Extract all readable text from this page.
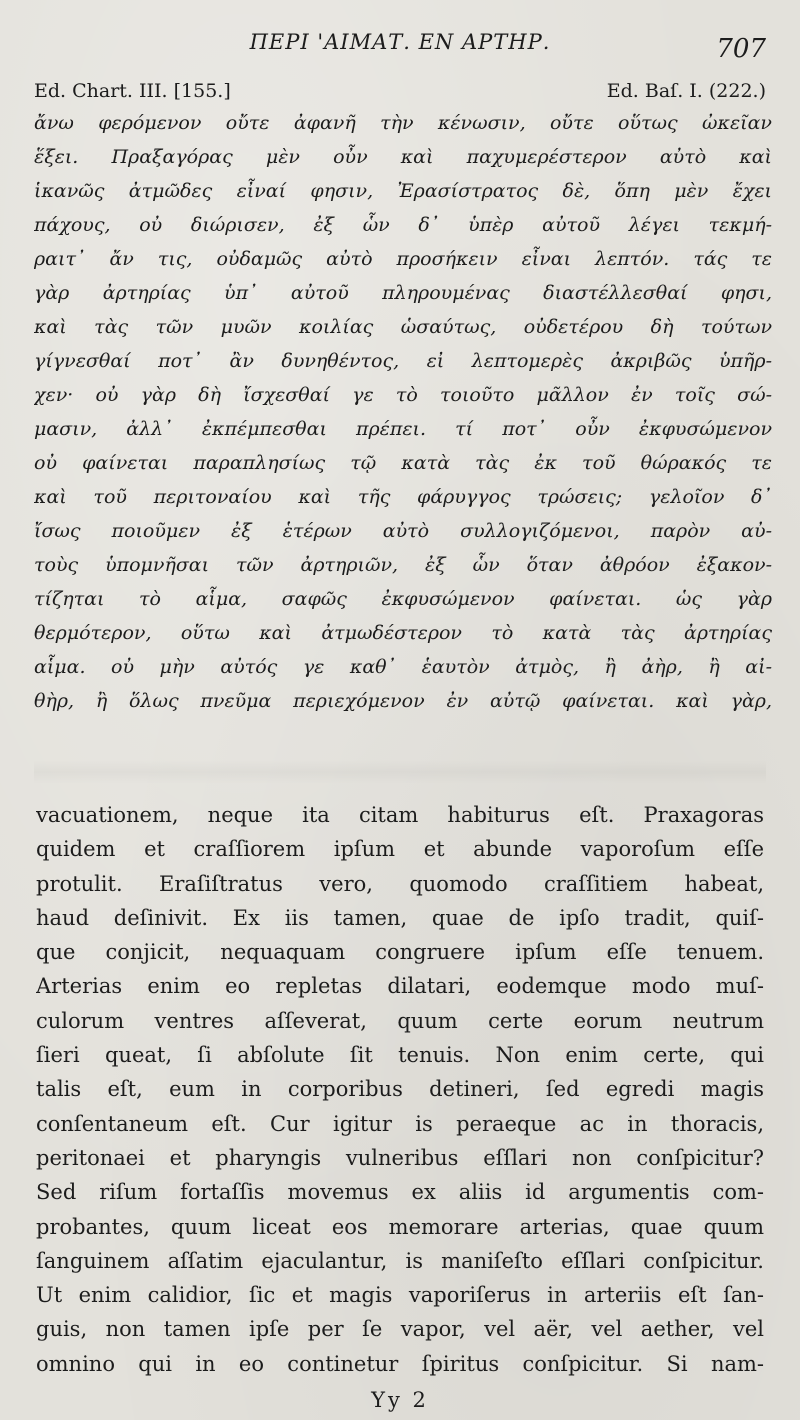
ΠΕΡΙ 'ΑΙΜΑΤ. ΕΝ ΑΡΤΗΡ.	707
Ed. Chart. III. [155.]	Ed. Baſ. I. (222.)
ἄνω φερόμενον οὔτε ἀφανῆ τὴν κένωσιν, οὔτε οὕτως ὠκεῖαν
ἕξει. Πραξαγόρας μὲν οὖν καὶ παχυμερέστερον αὐτὸ καὶ
ἱκανῶς ἀτμῶδες εἶναί φησιν, Ἐρασίστρατος δὲ, ὅπη μὲν ἔχει
πάχους, οὐ διώρισεν, ἐξ ὧν δ᾽ ὑπὲρ αὐτοῦ λέγει τεκμή-
ραιτ᾽ ἄν τις, οὐδαμῶς αὐτὸ προσήκειν εἶναι λεπτόν. τάς τε
γὰρ ἀρτηρίας ὑπ᾽ αὐτοῦ πληρουμένας διαστέλλεσθαί φησι,
καὶ τὰς τῶν μυῶν κοιλίας ὡσαύτως, οὐδετέρου δὴ τούτων
γίγνεσθαί ποτ᾽ ἂν δυνηθέντος, εἰ λεπτομερὲς ἀκριβῶς ὑπῆρ-
χεν· οὐ γὰρ δὴ ἴσχεσθαί γε τὸ τοιοῦτο μᾶλλον ἐν τοῖς σώ-
μασιν, ἀλλ᾽ ἐκπέμπεσθαι πρέπει. τί ποτ᾽ οὖν ἐκφυσώμενον
οὐ φαίνεται παραπλησίως τῷ κατὰ τὰς ἐκ τοῦ θώρακός τε
καὶ τοῦ περιτοναίου καὶ τῆς φάρυγγος τρώσεις; γελοῖον δ᾽
ἴσως ποιοῦμεν ἐξ ἑτέρων αὐτὸ συλλογιζόμενοι, παρὸν αὐ-
τοὺς ὑπομνῆσαι τῶν ἀρτηριῶν, ἐξ ὧν ὅταν ἀθρόον ἐξακον-
τίζηται τὸ αἷμα, σαφῶς ἐκφυσώμενον φαίνεται. ὡς γὰρ
θερμότερον, οὕτω καὶ ἀτμωδέστερον τὸ κατὰ τὰς ἀρτηρίας
αἷμα. οὐ μὴν αὐτός γε καθ᾽ ἑαυτὸν ἀτμὸς, ἢ ἀὴρ, ἢ αἰ-
θὴρ, ἢ ὅλως πνεῦμα περιεχόμενον ἐν αὐτῷ φαίνεται. καὶ γὰρ,
vacuationem, neque ita citam habiturus eſt. Praxagoras
quidem et craſſiorem ipſum et abunde vaporoſum eſſe
protulit. Eraſiſtratus vero, quomodo craſſitiem habeat,
haud deſinivit. Ex iis tamen, quae de ipſo tradit, quiſ-
que conjicit, nequaquam congruere ipſum eſſe tenuem.
Arterias enim eo repletas dilatari, eodemque modo muſ-
culorum ventres aſſeverat, quum certe eorum neutrum
ſieri queat, ſi abſolute ſit tenuis. Non enim certe, qui
talis eſt, eum in corporibus detineri, ſed egredi magis
conſentaneum eſt. Cur igitur is peraeque ac in thoracis,
peritonaei et pharyngis vulneribus eſſlari non conſpicitur?
Sed riſum fortaſſis movemus ex aliis id argumentis com-
probantes, quum liceat eos memorare arterias, quae quum
ſanguinem aſſatim ejaculantur, is maniſeſto eſſlari conſpicitur.
Ut enim calidior, ſic et magis vaporiſerus in arteriis eſt ſan-
guis, non tamen ipſe per ſe vapor, vel aër, vel aether, vel
omnino qui in eo continetur ſpiritus conſpicitur. Si nam-
Yy 2
